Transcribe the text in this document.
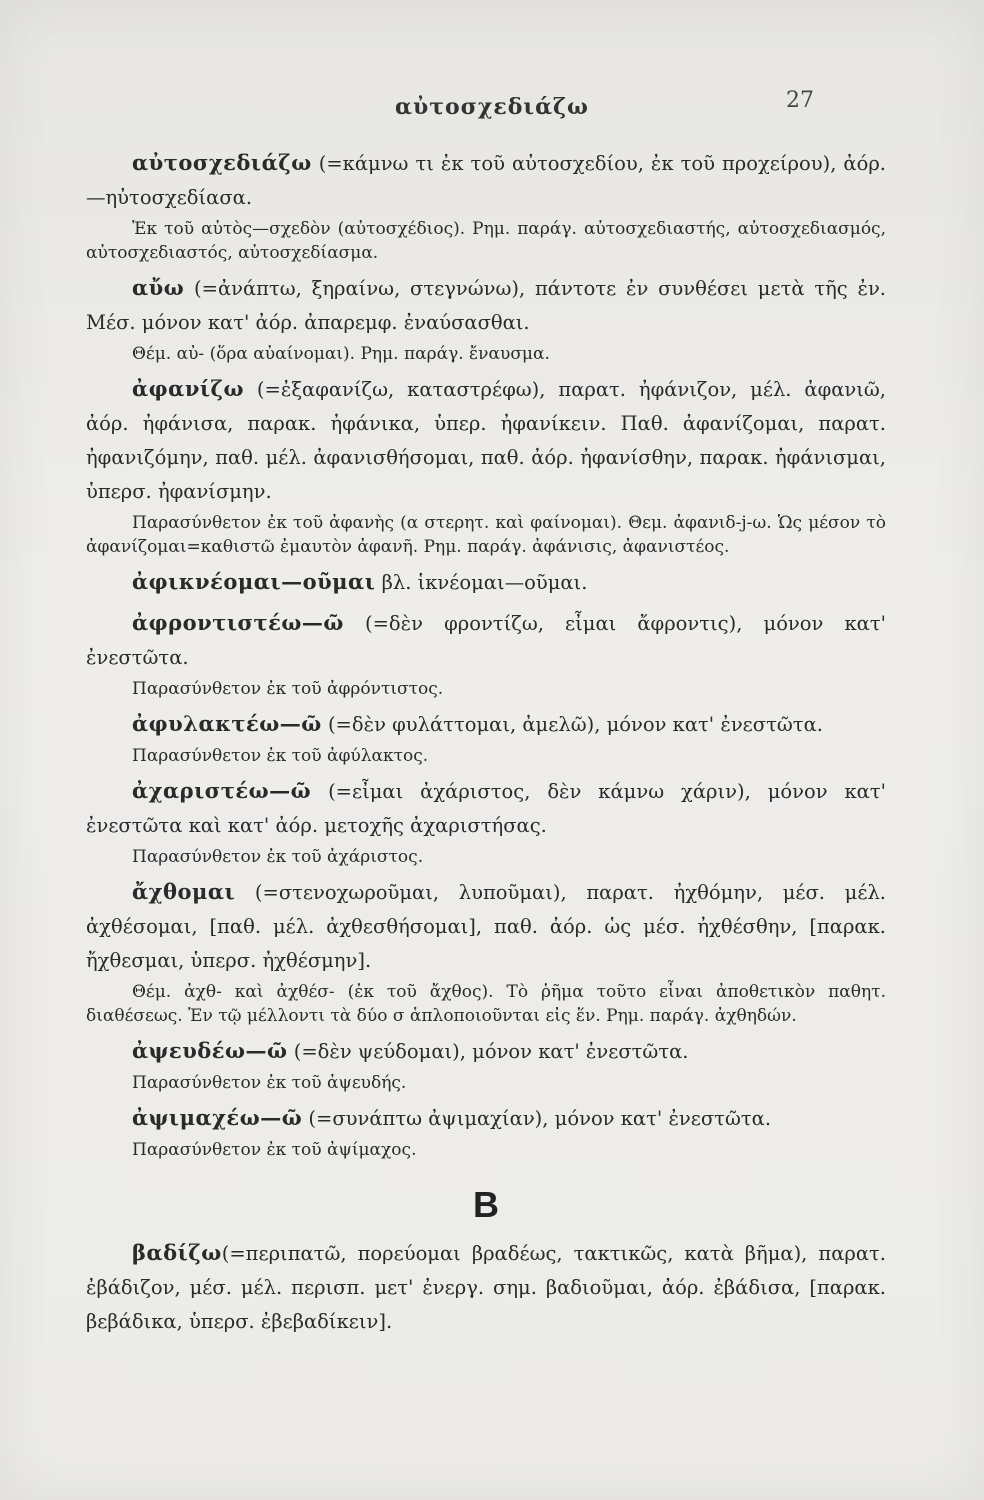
αὐτοσχεδιάζω	27

αὐτοσχεδιάζω (=κάμνω τι ἐκ τοῦ αὐτοσχεδίου, ἐκ τοῦ προχείρου), ἀόρ.—ηὐτοσχεδίασα.

Ἐκ τοῦ αὐτὸς—σχεδὸν (αὐτοσχέδιος). Ρημ. παράγ. αὐτοσχεδιαστής, αὐτοσχεδιασμός, αὐτοσχεδιαστός, αὐτοσχεδίασμα.

αὔω (=ἀνάπτω, ξηραίνω, στεγνώνω), πάντοτε ἐν συνθέσει μετὰ τῆς ἐν. Μέσ. μόνον κατ' ἀόρ. ἀπαρεμφ. ἐναύσασθαι.

Θέμ. αὐ- (ὅρα αὐαίνομαι). Ρημ. παράγ. ἔναυσμα.

ἀφανίζω (=ἐξαφανίζω, καταστρέφω), παρατ. ἠφάνιζον, μέλ. ἀφανιῶ, ἀόρ. ἠφάνισα, παρακ. ἠφάνικα, ὑπερ. ἠφανίκειν. Παθ. ἀφανίζομαι, παρατ. ἠφανιζόμην, παθ. μέλ. ἀφανισθήσομαι, παθ. ἀόρ. ἠφανίσθην, παρακ. ἠφάνισμαι, ὑπερσ. ἠφανίσμην.

Παρασύνθετον ἐκ τοῦ ἀφανὴς (α στερητ. καὶ φαίνομαι). Θεμ. ἀφανιδ-j-ω. Ὡς μέσον τὸ ἀφανίζομαι=καθιστῶ ἐμαυτὸν ἀφανῆ. Ρημ. παράγ. ἀφάνισις, ἀφανιστέος.

ἀφικνέομαι—οῦμαι βλ. ἱκνέομαι—οῦμαι.

ἀφροντιστέω—ῶ (=δὲν φροντίζω, εἶμαι ἄφροντις), μόνον κατ' ἐνεστῶτα.

Παρασύνθετον ἐκ τοῦ ἀφρόντιστος.

ἀφυλακτέω—ῶ (=δὲν φυλάττομαι, ἀμελῶ), μόνον κατ' ἐνεστῶτα.

Παρασύνθετον ἐκ τοῦ ἀφύλακτος.

ἀχαριστέω—ῶ (=εἶμαι ἀχάριστος, δὲν κάμνω χάριν), μόνον κατ' ἐνεστῶτα καὶ κατ' ἀόρ. μετοχῆς ἀχαριστήσας.

Παρασύνθετον ἐκ τοῦ ἀχάριστος.

ἄχθομαι (=στενοχωροῦμαι, λυποῦμαι), παρατ. ἠχθόμην, μέσ. μέλ. ἀχθέσομαι, [παθ. μέλ. ἀχθεσθήσομαι], παθ. ἀόρ. ὡς μέσ. ἠχθέσθην, [παρακ. ἤχθεσμαι, ὑπερσ. ἠχθέσμην].

Θέμ. ἀχθ- καὶ ἀχθέσ- (ἐκ τοῦ ἄχθος). Τὸ ῥῆμα τοῦτο εἶναι ἀποθετικὸν παθητ. διαθέσεως. Ἐν τῷ μέλλοντι τὰ δύο σ ἁπλοποιοῦνται εἰς ἕν. Ρημ. παράγ. ἀχθηδών.

ἀψευδέω—ῶ (=δὲν ψεύδομαι), μόνον κατ' ἐνεστῶτα.

Παρασύνθετον ἐκ τοῦ ἀψευδής.

ἀψιμαχέω—ῶ (=συνάπτω ἀψιμαχίαν), μόνον κατ' ἐνεστῶτα.

Παρασύνθετον ἐκ τοῦ ἀψίμαχος.

Β

βαδίζω(=περιπατῶ, πορεύομαι βραδέως, τακτικῶς, κατὰ βῆμα), παρατ. ἐβάδιζον, μέσ. μέλ. περισπ. μετ' ἐνεργ. σημ. βαδιοῦμαι, ἀόρ. ἐβάδισα, [παρακ. βεβάδικα, ὑπερσ. ἐβεβαδίκειν].
